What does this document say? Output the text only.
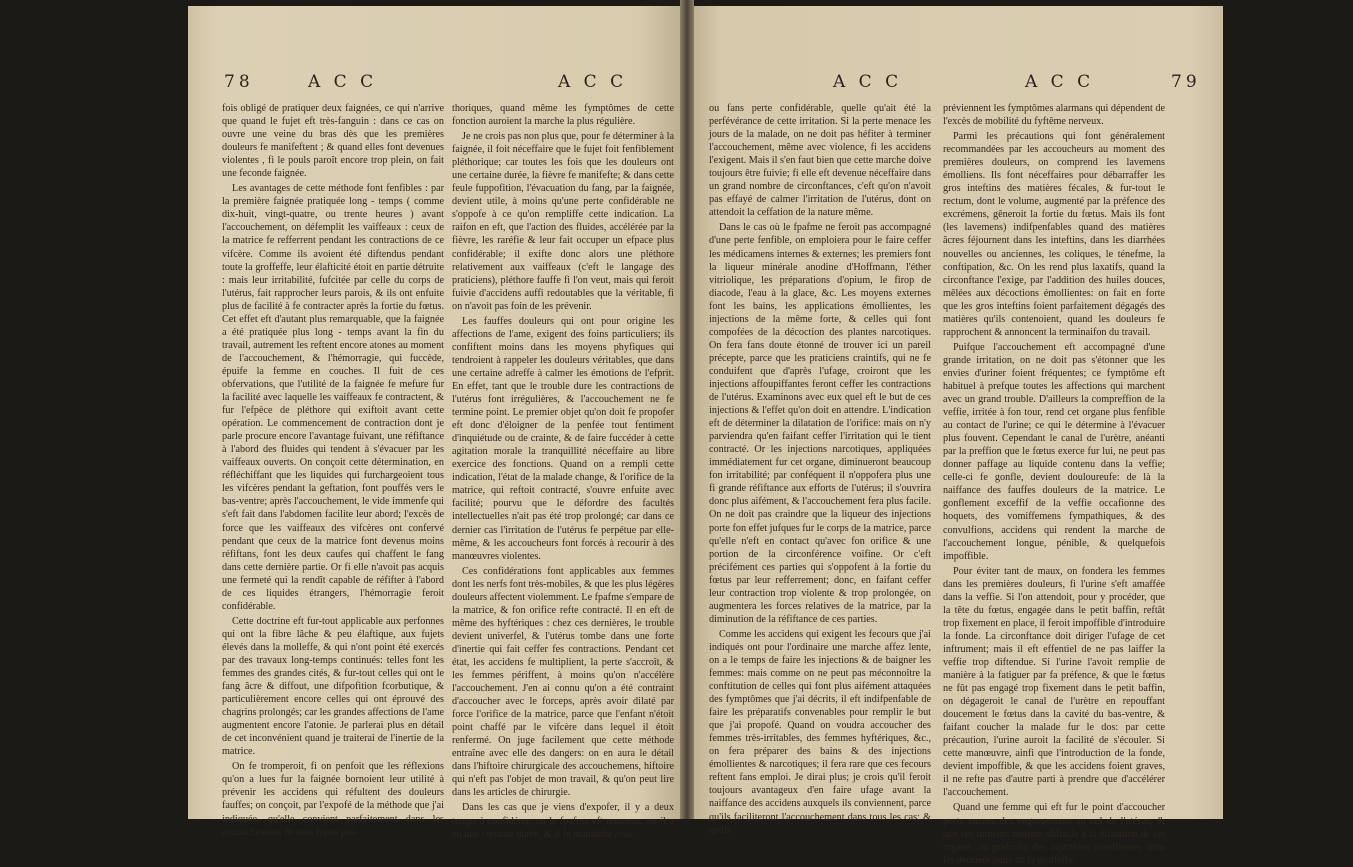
78	A C C	A C C

fois obligé de pratiquer deux faignées, ce qui n'arrive que quand le fujet eft très-fanguin : dans ce cas on ouvre une veine du bras dès que les premières douleurs fe manifeftent ; & quand elles font devenues violentes , fi le pouls paroît encore trop plein, on fait une feconde faignée.

Les avantages de cette méthode font fenfibles : par la première faignée pratiquée long - temps ( comme dix-huit, vingt-quatre, ou trente heures ) avant l'accouchement, on défemplit les vaiffeaux : ceux de la matrice fe refferrent pendant les contractions de ce vifcère. Comme ils avoient été diftendus pendant toute la groffeffe, leur élafticité étoit en partie détruite : mais leur irritabilité, fufcitée par celle du corps de l'utérus, fait rapprocher leurs parois, & ils ont enfuite plus de facilité à fe contracter après la fortie du fœtus. Cet effet eft d'autant plus remarquable, que la faignée a été pratiquée plus long - temps avant la fin du travail, autrement les reftent encore atones au moment de l'accouchement, & l'hémorragie, qui fuccède, épuife la femme en couches. Il fuit de ces obfervations, que l'utilité de la faignée fe mefure fur la facilité avec laquelle les vaiffeaux fe contractent, & fur l'efpèce de pléthore qui exiftoit avant cette opération. Le commencement de contraction dont je parle procure encore l'avantage fuivant, une réfiftance à l'abord des fluides qui tendent à s'évacuer par les vaiffeaux ouverts. On conçoit cette détermination, en réfléchiffant que les liquides qui furchargeoient tous les vifcères pendant la geftation, font pouffés vers le bas-ventre; après l'accouchement, le vide immenfe qui s'eft fait dans l'abdomen facilite leur abord; l'excès de force que les vaiffeaux des vifcères ont confervé pendant que ceux de la matrice font devenus moins réfiftans, font les deux caufes qui chaffent le fang dans cette dernière partie. Or fi elle n'avoit pas acquis une fermeté qui la rendît capable de réfifter à l'abord de ces liquides étrangers, l'hémorragie feroit confidérable.

Cette doctrine eft fur-tout applicable aux perfonnes qui ont la fibre lâche & peu élaftique, aux fujets élevés dans la molleffe, & qui n'ont point été exercés par des travaux long-temps continués: telles font les femmes des grandes cités, & fur-tout celles qui ont le fang âcre & diffout, une difpofition fcorbutique, & particulièrement encore celles qui ont éprouvé des chagrins prolongés; car les grandes affections de l'ame augmentent encore l'atonie. Je parlerai plus en détail de cet inconvénient quand je traiterai de l'inertie de la matrice.

On fe tromperoit, fi on penfoit que les réflexions qu'on a lues fur la faignée bornoient leur utilité à prévenir les accidens qui réfultent des douleurs fauffes; on conçoit, par l'expofé de la méthode que j'ai indiquée, qu'elle convient parfaitement dans les accouchemens de tous fujets plé-

thoriques, quand même les fymptômes de cette fonction auroient la marche la plus régulière.

Je ne crois pas non plus que, pour fe déterminer à la faignée, il foit néceffaire que le fujet foit fenfiblement pléthorique; car toutes les fois que les douleurs ont une certaine durée, la fièvre fe manifefte; & dans cette feule fuppofition, l'évacuation du fang, par la faignée, devient utile, à moins qu'une perte confidérable ne s'oppofe à ce qu'on rempliffe cette indication. La raifon en eft, que l'action des fluides, accélérée par la fièvre, les raréfie & leur fait occuper un efpace plus confidérable; il exifte donc alors une pléthore relativement aux vaiffeaux (c'eft le langage des praticiens), pléthore fauffe fi l'on veut, mais qui feroit fuivie d'accidens auffi redoutables que la véritable, fi on n'avoit pas foin de les prévenir.

Les fauffes douleurs qui ont pour origine les affections de l'ame, exigent des foins particuliers; ils confiftent moins dans les moyens phyfiques qui tendroient à rappeler les douleurs véritables, que dans une certaine adreffe à calmer les émotions de l'efprit. En effet, tant que le trouble dure les contractions de l'utérus font irrégulières, & l'accouchement ne fe termine point. Le premier objet qu'on doit fe propofer eft donc d'éloigner de la penfée tout fentiment d'inquiétude ou de crainte, & de faire fuccéder à cette agitation morale la tranquillité néceffaire au libre exercice des fonctions. Quand on a rempli cette indication, l'état de la malade change, & l'orifice de la matrice, qui reftoit contracté, s'ouvre enfuite avec facilité; pourvu que le défordre des facultés intellectuelles n'ait pas été trop prolongé; car dans ce dernier cas l'irritation de l'utérus fe perpétue par elle-même, & les accoucheurs font forcés à recourir à des manœuvres violentes.

Ces confidérations font applicables aux femmes dont les nerfs font très-mobiles, & que les plus légères douleurs affectent violemment. Le fpafme s'empare de la matrice, & fon orifice refte contracté. Il en eft de même des hyftériques : chez ces dernières, le trouble devient univerfel, & l'utérus tombe dans une forte d'inertie qui fait ceffer fes contractions. Pendant cet état, les accidens fe multiplient, la perte s'accroît, & les femmes périffent, à moins qu'on n'accélère l'accouchement. J'en ai connu qu'on a été contraint d'accoucher avec le forceps, après avoir dilaté par force l'orifice de la matrice, parce que l'enfant n'étoit point chaffé par le vifcère dans lequel il étoit renfermé. On juge facilement que cette méthode entraîne avec elle des dangers: on en aura le détail dans l'hiftoire chirurgicale des accouchemens, hiftoire qui n'eft pas l'objet de mon travail, & qu'on peut lire dans les articles de chirurgie.

Dans les cas que je viens d'expofer, il y a deux temps à confidérer; ou le fpafme eft nouveau, ou il a eu une certaine durée, & il fe manifefte avec

A C C	A C C	79

ou fans perte confidérable, quelle qu'ait été la perfévérance de cette irritation. Si la perte menace les jours de la malade, on ne doit pas héfiter à terminer l'accouchement, même avec violence, fi les accidens l'exigent. Mais il s'en faut bien que cette marche doive toujours être fuivie; fi elle eft devenue néceffaire dans un grand nombre de circonftances, c'eft qu'on n'avoit pas effayé de calmer l'irritation de l'utérus, dont on attendoit la ceffation de la nature même.

Dans le cas où le fpafme ne feroit pas accompagné d'une perte fenfible, on emploiera pour le faire ceffer les médicamens internes & externes; les premiers font la liqueur minérale anodine d'Hoffmann, l'éther vitriolique, les préparations d'opium, le firop de diacode, l'eau à la glace, &c. Les moyens externes font les bains, les applications émollientes, les injections de la même forte, & celles qui font compofées de la décoction des plantes narcotiques. On fera fans doute étonné de trouver ici un pareil précepte, parce que les praticiens craintifs, qui ne fe conduifent que d'après l'ufage, croiront que les injections affoupiffantes feront ceffer les contractions de l'utérus. Examinons avec eux quel eft le but de ces injections & l'effet qu'on doit en attendre. L'indication eft de déterminer la dilatation de l'orifice: mais on n'y parviendra qu'en faifant ceffer l'irritation qui le tient contracté. Or les injections narcotiques, appliquées immédiatement fur cet organe, diminueront beaucoup fon irritabilité; par conféquent il n'oppofera plus une fi grande réfiftance aux efforts de l'utérus; il s'ouvrira donc plus aifément, & l'accouchement fera plus facile. On ne doit pas craindre que la liqueur des injections porte fon effet jufques fur le corps de la matrice, parce qu'elle n'eft en contact qu'avec fon orifice & une portion de la circonférence voifine. Or c'eft précifément ces parties qui s'oppofent à la fortie du fœtus par leur refferrement; donc, en faifant ceffer leur contraction trop violente & trop prolongée, on augmentera les forces relatives de la matrice, par la diminution de la réfiftance de ces parties.

Comme les accidens qui exigent les fecours que j'ai indiqués ont pour l'ordinaire une marche affez lente, on a le temps de faire les injections & de baigner les femmes: mais comme on ne peut pas méconnoître la conftitution de celles qui font plus aifément attaquées des fymptômes que j'ai décrits, il eft indifpenfable de faire les préparatifs convenables pour remplir le but que j'ai propofé. Quand on voudra accoucher des femmes très-irritables, des femmes hyftériques, &c., on fera préparer des bains & des injections émollientes & narcotiques; il fera rare que ces fecours reftent fans emploi. Je dirai plus; je crois qu'il feroit toujours avantageux d'en faire ufage avant la naiffance des accidens auxquels ils conviennent, parce qu'ils faciliteront l'accouchement dans tous les cas; & qu'ils

préviennent les fymptômes alarmans qui dépendent de l'excès de mobilité du fyftême nerveux.

Parmi les précautions qui font généralement recommandées par les accoucheurs au moment des premières douleurs, on comprend les lavemens émolliens. Ils font néceffaires pour débarraffer les gros inteftins des matières fécales, & fur-tout le rectum, dont le volume, augmenté par la préfence des excrémens, gêneroit la fortie du fœtus. Mais ils font (les lavemens) indifpenfables quand des matières âcres féjournent dans les inteftins, dans les diarrhées nouvelles ou anciennes, les coliques, le ténefme, la conftipation, &c. On les rend plus laxatifs, quand la circonftance l'exige, par l'addition des huiles douces, mêlées aux décoctions émollientes: on fait en forte que les gros inteftins foient parfaitement dégagés des matières qu'ils contenoient, quand les douleurs fe rapprochent & annoncent la terminaifon du travail.

Puifque l'accouchement eft accompagné d'une grande irritation, on ne doit pas s'étonner que les envies d'uriner foient fréquentes; ce fymptôme eft habituel à prefque toutes les affections qui marchent avec un grand trouble. D'ailleurs la compreffion de la veffie, irritée à fon tour, rend cet organe plus fenfible au contact de l'urine; ce qui le détermine à l'évacuer plus fouvent. Cependant le canal de l'urètre, anéanti par la preffion que le fœtus exerce fur lui, ne peut pas donner paffage au liquide contenu dans la veffie; celle-ci fe gonfle, devient douloureufe: de là la naiffance des fauffes douleurs de la matrice. Le gonflement exceffif de la veffie occafionne des hoquets, des vomiffemens fympathiques, & des convulfions, accidens qui rendent la marche de l'accouchement longue, pénible, & quelquefois impoffible.

Pour éviter tant de maux, on fondera les femmes dans les premières douleurs, fi l'urine s'eft amaffée dans la veffie. Si l'on attendoit, pour y procéder, que la tête du fœtus, engagée dans le petit baffin, reftât trop fixement en place, il feroit impoffible d'introduire la fonde. La circonftance doit diriger l'ufage de cet inftrument; mais il eft effentiel de ne pas laiffer la veffie trop diftendue. Si l'urine l'avoit remplie de manière à la fatiguer par fa préfence, & que le fœtus ne fût pas engagé trop fixement dans le petit baffin, on dégageroit le canal de l'urètre en repouffant doucement le fœtus dans la cavité du bas-ventre, & faifant coucher la malade fur le dos: par cette précaution, l'urine auroit la facilité de s'écouler. Si cette manœuvre, ainfi que l'introduction de la fonde, devient impoffible, & que les accidens foient graves, il ne refte pas d'autre parti à prendre que d'accélérer l'accouchement.

Quand une femme qui eft fur le point d'accoucher porte encore des engorgemens au col de l'utérus, & que ces tumeurs mettent obftacle à la dilatation de cet organe, on prefcrira des injections émollientes dans les derniers jours de la groffeffe:
